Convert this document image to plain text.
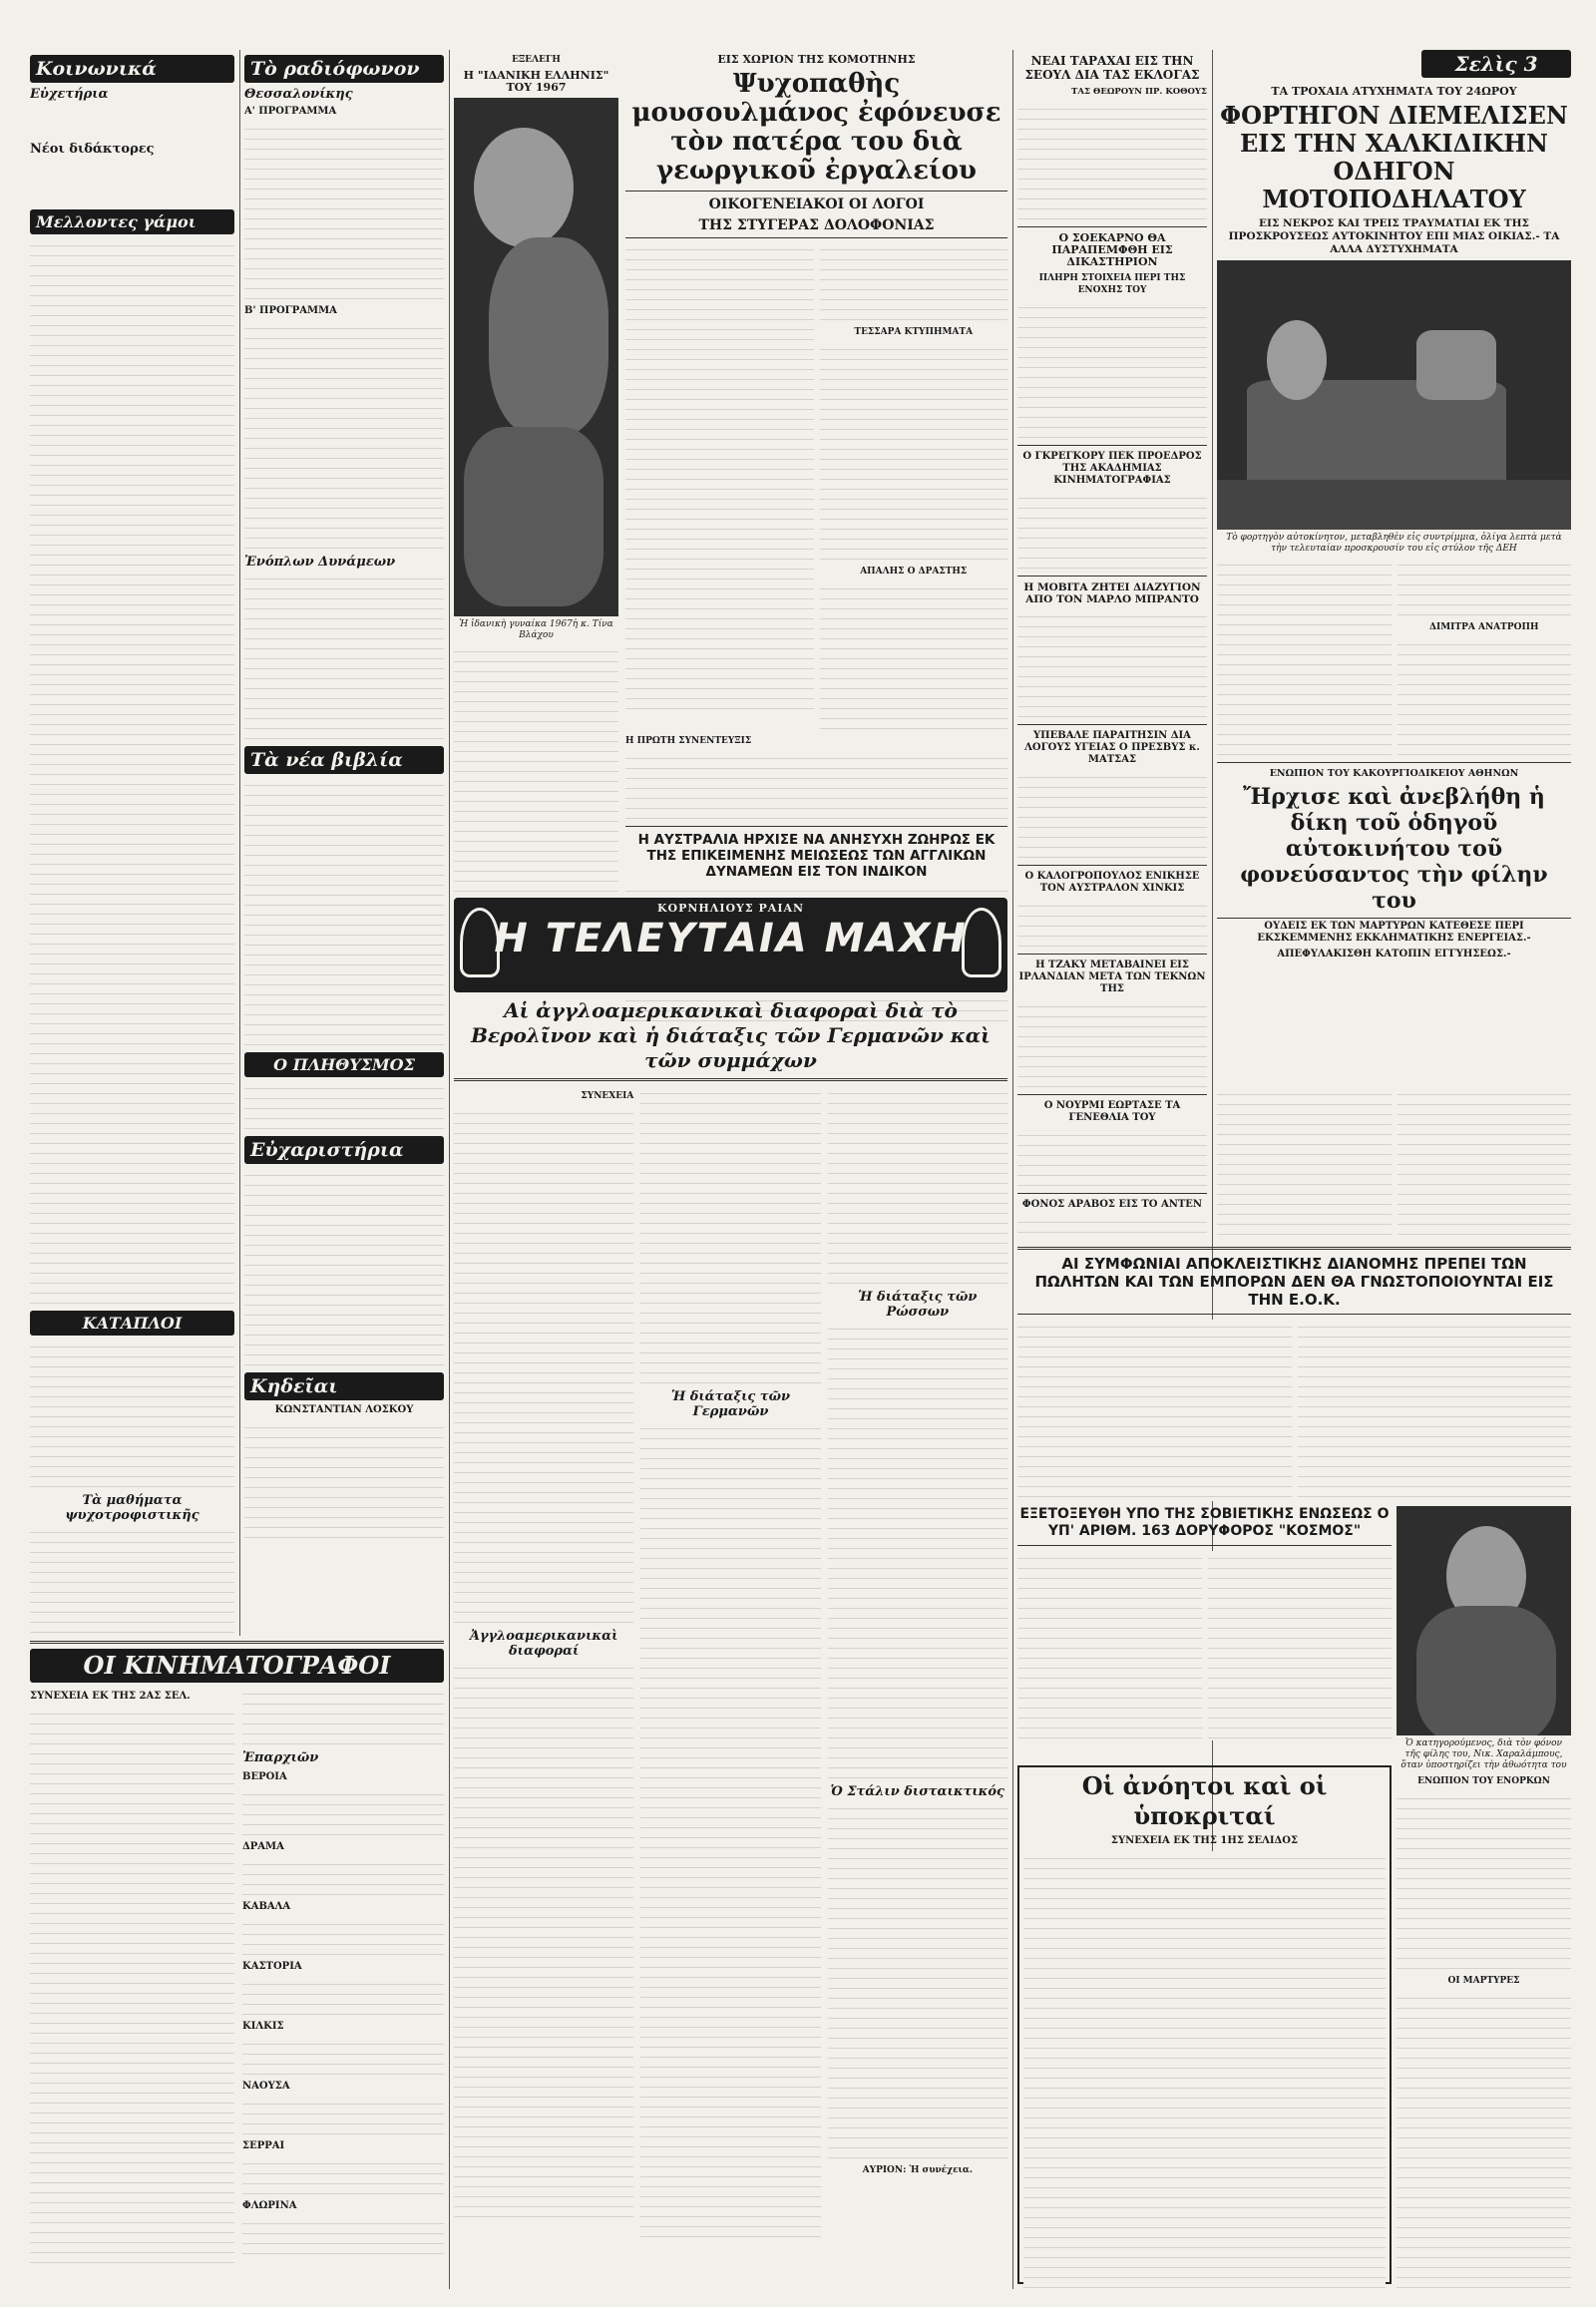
Κοινωνικά
Εὐχετήρια

Νέοι διδάκτορες

Μελλοντες γάμοι
ΚΑΤΑΠΛΟΙ
Τὰ μαθήματα ψυχοτροφιστικῆς
Τὸ ραδιόφωνον
Θεσσαλονίκης
Α' ΠΡΟΓΡΑΜΜΑ
Β' ΠΡΟΓΡΑΜΜΑ
Ἐνόπλων Δυνάμεων
Τὰ νέα βιβλία
Ο ΠΛΗΘΥΣΜΟΣ
Εὐχαριστήρια
Κηδεῖαι
ΚΩΝΣΤΑΝΤΙΑΝ ΛΟΣΚΟΥ
ΟΙ ΚΙΝΗΜΑΤΟΓΡΑΦΟΙ
ΣΥΝΕΧΕΙΑ ΕΚ ΤΗΣ 2ΑΣ ΣΕΛ.
Ἐπαρχιῶν
ΒΕΡΟΙΑ
ΔΡΑΜΑ
ΚΑΒΑΛΑ
ΚΑΣΤΟΡΙΑ
ΚΙΛΚΙΣ
ΝΑΟΥΣΑ
ΣΕΡΡΑΙ
ΦΛΩΡΙΝΑ
ΕΞΕΛΕΓΗ
Η "ΙΔΑΝΙΚΗ ΕΛΛΗΝΙΣ" ΤΟΥ 1967
Ἡ ἰδανικὴ γυναίκα 1967ἡ κ. Τίνα Βλάχου
ΕΙΣ ΧΩΡΙΟΝ ΤΗΣ ΚΟΜΟΤΗΝΗΣ
Ψυχοπαθὴς μουσουλμάνος ἐφόνευσε τὸν πατέρα του διὰ γεωργικοῦ ἐργαλείου
ΟΙΚΟΓΕΝΕΙΑΚΟΙ ΟΙ ΛΟΓΟΙ
ΤΗΣ ΣΤΥΓΕΡΑΣ ΔΟΛΟΦΟΝΙΑΣ
ΤΕΣΣΑΡΑ ΚΤΥΠΗΜΑΤΑ
ΑΠΑΛΗΣ Ο ΔΡΑΣΤΗΣ
Η ΠΡΩΤΗ ΣΥΝΕΝΤΕΥΞΙΣ
Η ΑΥΣΤΡΑΛΙΑ ΗΡΧΙΣΕ ΝΑ ΑΝΗΣΥΧΗ ΖΩΗΡΩΣ ΕΚ ΤΗΣ ΕΠΙΚΕΙΜΕΝΗΣ ΜΕΙΩΣΕΩΣ ΤΩΝ ΑΓΓΛΙΚΩΝ ΔΥΝΑΜΕΩΝ ΕΙΣ ΤΟΝ ΙΝΔΙΚΟΝ
ΚΟΡΝΗΛΙΟΥΣ ΡΑΙΑΝ
Η ΤΕΛΕΥΤΑΙΑ ΜΑΧΗ
Αἱ ἀγγλοαμερικανικαὶ διαφοραὶ διὰ τὸ Βερολῖνον καὶ ἡ διάταξις τῶν Γερμανῶν καὶ τῶν συμμάχων
ΣΥΝΕΧΕΙΑ
Ἀγγλοαμερικανικαὶ διαφοραί
Ἡ διάταξις τῶν Γερμανῶν
Ἡ διάταξις τῶν Ρώσσων
Ὁ Στάλιν δισταικτικός
ΑΥΡΙΟΝ: Ἡ συνέχεια.
ΝΕΑΙ ΤΑΡΑΧΑΙ ΕΙΣ ΤΗΝ ΣΕΟΥΛ ΔΙΑ ΤΑΣ ΕΚΛΟΓΑΣ
ΤΑΣ ΘΕΩΡΟΥΝ ΠΡ. ΚΟΘΟΥΣ
Ο ΣΟΕΚΑΡΝΟ ΘΑ ΠΑΡΑΠΕΜΦΘΗ ΕΙΣ ΔΙΚΑΣΤΗΡΙΟΝ
ΠΛΗΡΗ ΣΤΟΙΧΕΙΑ ΠΕΡΙ ΤΗΣ ΕΝΟΧΗΣ ΤΟΥ
Ο ΓΚΡΕΓΚΟΡΥ ΠΕΚ ΠΡΟΕΔΡΟΣ ΤΗΣ ΑΚΑΔΗΜΙΑΣ ΚΙΝΗΜΑΤΟΓΡΑΦΙΑΣ
Η ΜΟΒΙΤΑ ΖΗΤΕΙ ΔΙΑΖΥΓΙΟΝ ΑΠΟ ΤΟΝ ΜΑΡΛΟ ΜΠΡΑΝΤΟ
ΥΠΕΒΑΛΕ ΠΑΡΑΙΤΗΣΙΝ ΔΙΑ ΛΟΓΟΥΣ ΥΓΕΙΑΣ Ο ΠΡΕΣΒΥΣ κ. ΜΑΤΣΑΣ
Ο ΚΑΛΟΓΡΟΠΟΥΛΟΣ ΕΝΙΚΗΣΕ ΤΟΝ ΑΥΣΤΡΑΛΟΝ ΧΙΝΚΙΣ
Η ΤΖΑΚΥ ΜΕΤΑΒΑΙΝΕΙ ΕΙΣ ΙΡΛΑΝΔΙΑΝ ΜΕΤΑ ΤΩΝ ΤΕΚΝΩΝ ΤΗΣ
Ο ΝΟΥΡΜΙ ΕΩΡΤΑΣΕ ΤΑ ΓΕΝΕΘΛΙΑ ΤΟΥ
ΦΟΝΟΣ ΑΡΑΒΟΣ ΕΙΣ ΤΟ ΑΝΤΕΝ
ΑΙ ΣΥΜΦΩΝΙΑΙ ΑΠΟΚΛΕΙΣΤΙΚΗΣ ΔΙΑΝΟΜΗΣ ΠΡΕΠΕΙ ΤΩΝ ΠΩΛΗΤΩΝ ΚΑΙ ΤΩΝ ΕΜΠΟΡΩΝ ΔΕΝ ΘΑ ΓΝΩΣΤΟΠΟΙΟΥΝΤΑΙ ΕΙΣ ΤΗΝ Ε.Ο.Κ.
ΕΞΕΤΟΞΕΥΘΗ ΥΠΟ ΤΗΣ ΣΟΒΙΕΤΙΚΗΣ ΕΝΩΣΕΩΣ Ο ΥΠ' ΑΡΙΘΜ. 163 ΔΟΡΥΦΟΡΟΣ "ΚΟΣΜΟΣ"
Οἱ ἀνόητοι καὶ οἱ ὑποκριταί
ΣΥΝΕΧΕΙΑ ΕΚ ΤΗΣ 1ΗΣ ΣΕΛΙΔΟΣ
Σελὶς 3
ΤΑ ΤΡΟΧΑΙΑ ΑΤΥΧΗΜΑΤΑ ΤΟΥ 24ΩΡΟΥ
ΦΟΡΤΗΓΟΝ ΔΙΕΜΕΛΙΣΕΝ ΕΙΣ ΤΗΝ ΧΑΛΚΙΔΙΚΗΝ ΟΔΗΓΟΝ ΜΟΤΟΠΟΔΗΛΑΤΟΥ
ΕΙΣ ΝΕΚΡΟΣ ΚΑΙ ΤΡΕΙΣ ΤΡΑΥΜΑΤΙΑΙ ΕΚ ΤΗΣ ΠΡΟΣΚΡΟΥΣΕΩΣ ΑΥΤΟΚΙΝΗΤΟΥ ΕΠΙ ΜΙΑΣ ΟΙΚΙΑΣ.- ΤΑ ΑΛΛΑ ΔΥΣΤΥΧΗΜΑΤΑ
Τὸ φορτηγὸν αὐτοκίνητον, μεταβληθὲν εἰς συντρίμμια, ὀλίγα λεπτὰ μετὰ τὴν τελευταίαν προσκρουσίν του εἰς στύλον τῆς ΔΕΗ
ΔΙΜΙΤΡΑ ΑΝΑΤΡΟΠΗ
ΕΝΩΠΙΟΝ ΤΟΥ ΚΑΚΟΥΡΓΙΟΔΙΚΕΙΟΥ ΑΘΗΝΩΝ
Ἤρχισε καὶ ἀνεβλήθη ἡ δίκη τοῦ ὁδηγοῦ αὐτοκινήτου τοῦ φονεύσαντος τὴν φίλην του
ΟΥΔΕΙΣ ΕΚ ΤΩΝ ΜΑΡΤΥΡΩΝ ΚΑΤΕΘΕΣΕ ΠΕΡΙ ΕΚΣΚΕΜΜΕΝΗΣ ΕΚΚΛΗΜΑΤΙΚΗΣ ΕΝΕΡΓΕΙΑΣ.-
ΑΠΕΦΥΛΑΚΙΣΘΗ ΚΑΤΟΠΙΝ ΕΓΓΥΗΣΕΩΣ.-
Ὁ κατηγορούμενος, διὰ τὸν φόνον τῆς φίλης του, Νικ. Χαραλάμπους, ὅταν ὑποστηρίζει τὴν ἀθωότητα του
ΕΝΩΠΙΟΝ ΤΟΥ ΕΝΟΡΚΩΝ
ΟΙ ΜΑΡΤΥΡΕΣ
